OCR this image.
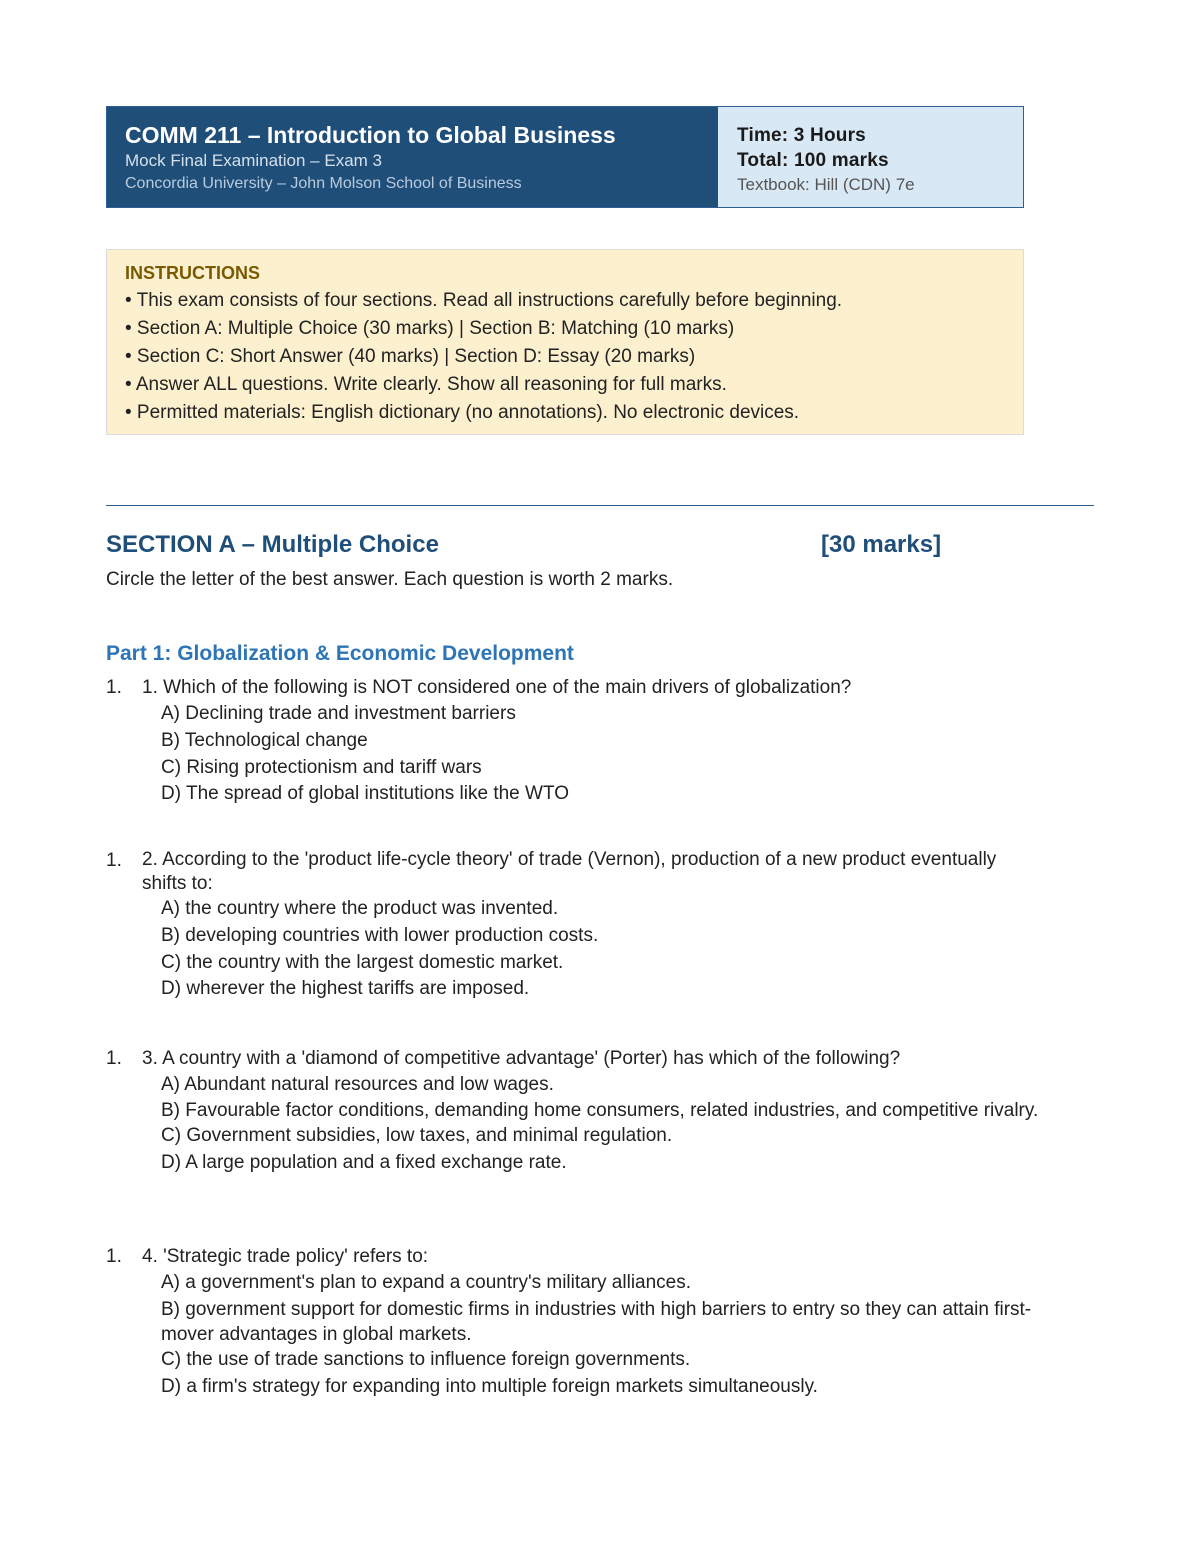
COMM 211 – Introduction to Global Business
Mock Final Examination – Exam 3
Concordia University – John Molson School of Business
Time: 3 Hours
Total: 100 marks
Textbook: Hill (CDN) 7e
INSTRUCTIONS
• This exam consists of four sections. Read all instructions carefully before beginning.
• Section A: Multiple Choice (30 marks) | Section B: Matching (10 marks)
• Section C: Short Answer (40 marks) | Section D: Essay (20 marks)
• Answer ALL questions. Write clearly. Show all reasoning for full marks.
• Permitted materials: English dictionary (no annotations). No electronic devices.
SECTION A – Multiple Choice	[30 marks]
Circle the letter of the best answer. Each question is worth 2 marks.
Part 1: Globalization & Economic Development
1.	1. Which of the following is NOT considered one of the main drivers of globalization?
A) Declining trade and investment barriers
B) Technological change
C) Rising protectionism and tariff wars
D) The spread of global institutions like the WTO
1.	2. According to the 'product life-cycle theory' of trade (Vernon), production of a new product eventually shifts to:
A) the country where the product was invented.
B) developing countries with lower production costs.
C) the country with the largest domestic market.
D) wherever the highest tariffs are imposed.
1.	3. A country with a 'diamond of competitive advantage' (Porter) has which of the following?
A) Abundant natural resources and low wages.
B) Favourable factor conditions, demanding home consumers, related industries, and competitive rivalry.
C) Government subsidies, low taxes, and minimal regulation.
D) A large population and a fixed exchange rate.
1.	4. 'Strategic trade policy' refers to:
A) a government's plan to expand a country's military alliances.
B) government support for domestic firms in industries with high barriers to entry so they can attain first-mover advantages in global markets.
C) the use of trade sanctions to influence foreign governments.
D) a firm's strategy for expanding into multiple foreign markets simultaneously.
